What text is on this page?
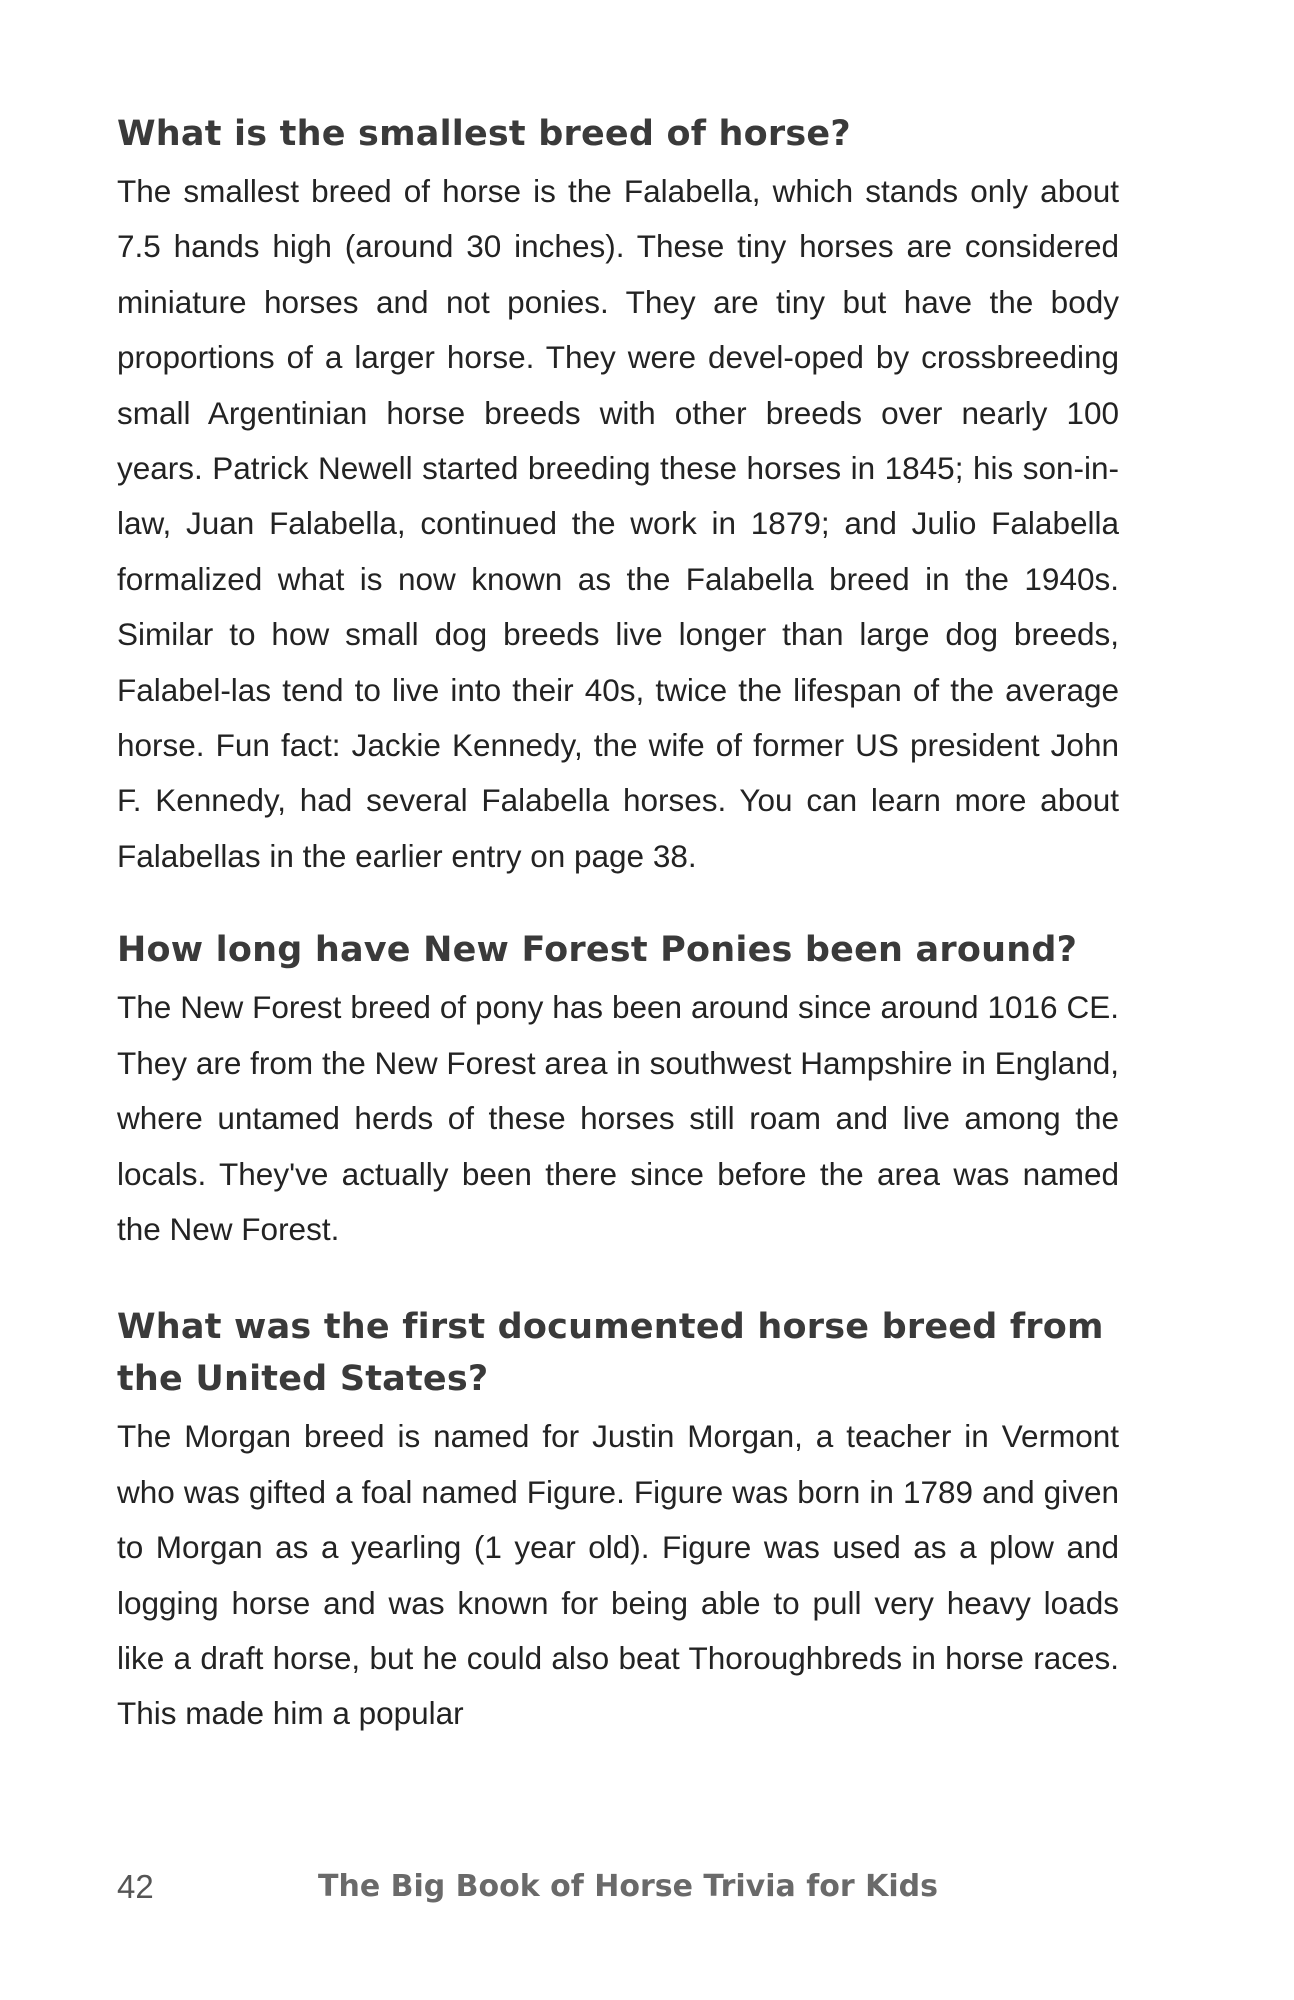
What is the smallest breed of horse?

The smallest breed of horse is the Falabella, which stands only about 7.5 hands high (around 30 inches). These tiny horses are considered miniature horses and not ponies. They are tiny but have the body proportions of a larger horse. They were devel-oped by crossbreeding small Argentinian horse breeds with other breeds over nearly 100 years. Patrick Newell started breeding these horses in 1845; his son-in-law, Juan Falabella, continued the work in 1879; and Julio Falabella formalized what is now known as the Falabella breed in the 1940s. Similar to how small dog breeds live longer than large dog breeds, Falabel-las tend to live into their 40s, twice the lifespan of the average horse. Fun fact: Jackie Kennedy, the wife of former US president John F. Kennedy, had several Falabella horses. You can learn more about Falabellas in the earlier entry on page 38.

How long have New Forest Ponies been around?

The New Forest breed of pony has been around since around 1016 CE. They are from the New Forest area in southwest Hampshire in England, where untamed herds of these horses still roam and live among the locals. They've actually been there since before the area was named the New Forest.

What was the first documented horse breed from the United States?

The Morgan breed is named for Justin Morgan, a teacher in Vermont who was gifted a foal named Figure. Figure was born in 1789 and given to Morgan as a yearling (1 year old). Figure was used as a plow and logging horse and was known for being able to pull very heavy loads like a draft horse, but he could also beat Thoroughbreds in horse races. This made him a popular

42	The Big Book of Horse Trivia for Kids
